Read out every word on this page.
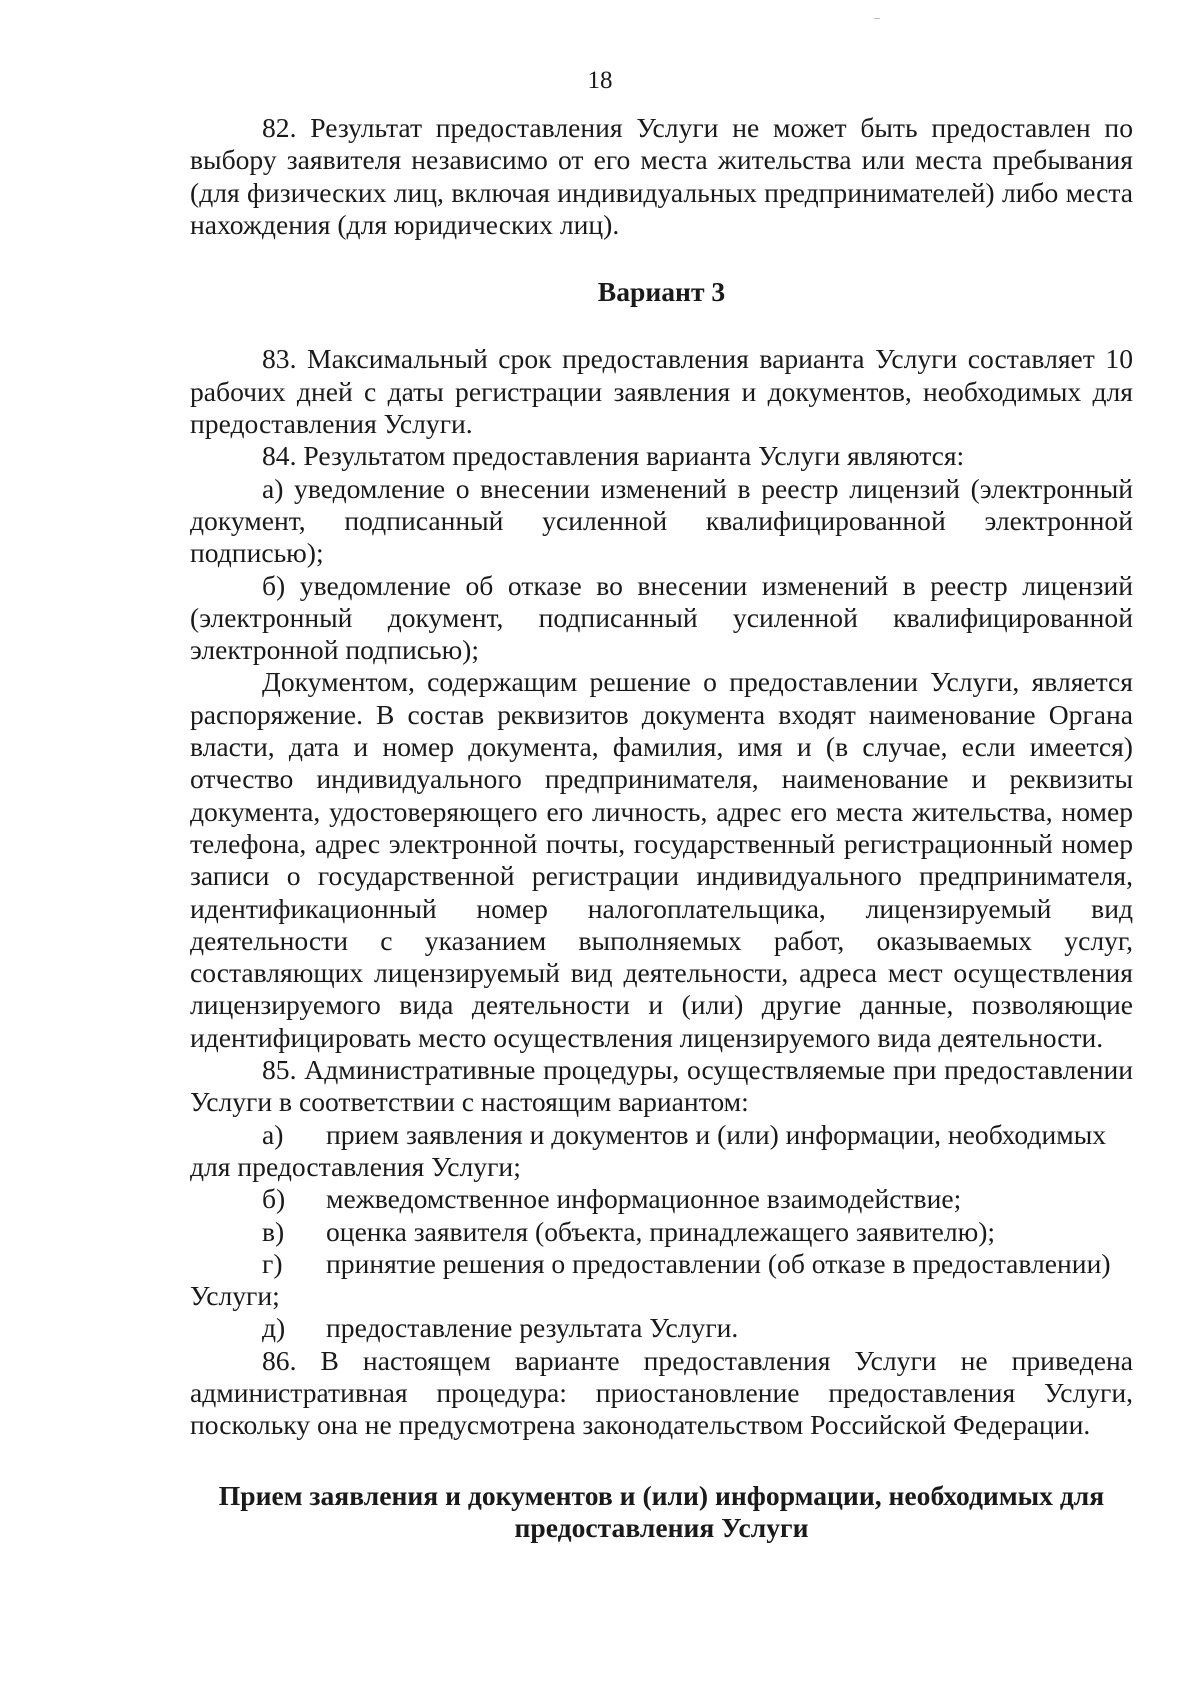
18

82. Результат предоставления Услуги не может быть предоставлен по выбору заявителя независимо от его места жительства или места пребывания (для физических лиц, включая индивидуальных предпринимателей) либо места нахождения (для юридических лиц).

Вариант 3

83. Максимальный срок предоставления варианта Услуги составляет 10 рабочих дней с даты регистрации заявления и документов, необходимых для предоставления Услуги.

84. Результатом предоставления варианта Услуги являются:

а) уведомление о внесении изменений в реестр лицензий (электронный документ, подписанный усиленной квалифицированной электронной подписью);

б) уведомление об отказе во внесении изменений в реестр лицензий (электронный документ, подписанный усиленной квалифицированной электронной подписью);

Документом, содержащим решение о предоставлении Услуги, является распоряжение. В состав реквизитов документа входят наименование Органа власти, дата и номер документа, фамилия, имя и (в случае, если имеется) отчество индивидуального предпринимателя, наименование и реквизиты документа, удостоверяющего его личность, адрес его места жительства, номер телефона, адрес электронной почты, государственный регистрационный номер записи о государственной регистрации индивидуального предпринимателя, идентификационный номер налогоплательщика, лицензируемый вид деятельности с указанием выполняемых работ, оказываемых услуг, составляющих лицензируемый вид деятельности, адреса мест осуществления лицензируемого вида деятельности и (или) другие данные, позволяющие идентифицировать место осуществления лицензируемого вида деятельности.

85. Административные процедуры, осуществляемые при предоставлении Услуги в соответствии с настоящим вариантом:

а)	прием заявления и документов и (или) информации, необходимых
для предоставления Услуги;
б)	межведомственное информационное взаимодействие;
в)	оценка заявителя (объекта, принадлежащего заявителю);
г)	принятие решения о предоставлении (об отказе в предоставлении)
Услуги;
д)	предоставление результата Услуги.

86. В настоящем варианте предоставления Услуги не приведена административная процедура: приостановление предоставления Услуги, поскольку она не предусмотрена законодательством Российской Федерации.

Прием заявления и документов и (или) информации, необходимых для предоставления Услуги
